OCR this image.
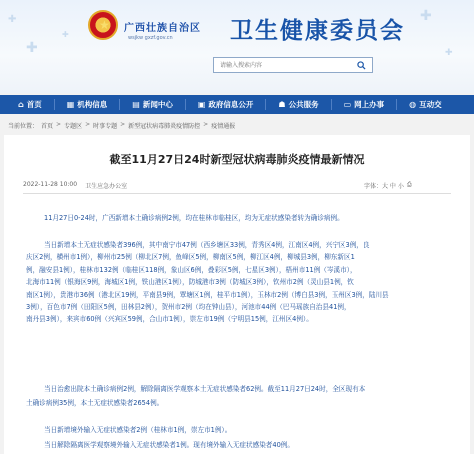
✚
✚
✚	✚
✚
★ 广西壮族自治区
wsjkw gxzf.gov.cn 卫生健康委员会
请输入搜索内容
⌂ 首页	▦ 机构信息	▤ 新闻中心	▣ 政府信息公开	☗ 公共服务	▭ 网上办事	◍ 互动交
当前位置： 首页 > 专题区 > 时事专题 > 新型冠状病毒肺炎疫情防控 > 疫情通报
截至11月27日24时新型冠状病毒肺炎疫情最新情况
2022-11-28 10:00 卫生应急办公室	字体：大 中 小 ⎙
11月27日0-24时，广西新增本土确诊病例2例，均在桂林市临桂区，均为无症状感染者转为确诊病例。
当日新增本土无症状感染者396例，其中南宁市47例（西乡塘区33例，青秀区4例，江南区4例，兴宁区3例，良
庆区2例，横州市1例），柳州市25例（柳北区7例，鱼峰区5例，柳南区5例，柳江区4例，柳城县3例，柳东新区1
例，融安县1例），桂林市132例（临桂区118例，象山区6例，叠彩区5例，七星区3例），梧州市11例（岑溪市），
北海市11例（银海区9例，海城区1例，铁山港区1例），防城港市3例（防城区3例），钦州市2例（灵山县1例，钦
南区1例），贵港市36例（港北区19例，平南县9例，覃塘区1例，桂平市1例），玉林市2例（博白县3例，玉州区3例，陆川县
3例），百色市7例（田阳区5例，田林县2例），贺州市2例（均在钟山县），河池市44例（巴马瑶族自治县41例，
南丹县3例），来宾市60例（兴宾区59例，合山市1例），崇左市19例（宁明县15例，江州区4例）。
当日治愈出院本土确诊病例2例，解除隔离医学观察本土无症状感染者62例。截至11月27日24时，全区现有本
土确诊病例35例，本土无症状感染者2654例。
当日新增境外输入无症状感染者2例（桂林市1例，崇左市1例）。
当日解除隔离医学观察境外输入无症状感染者1例。现有境外输入无症状感染者40例。
